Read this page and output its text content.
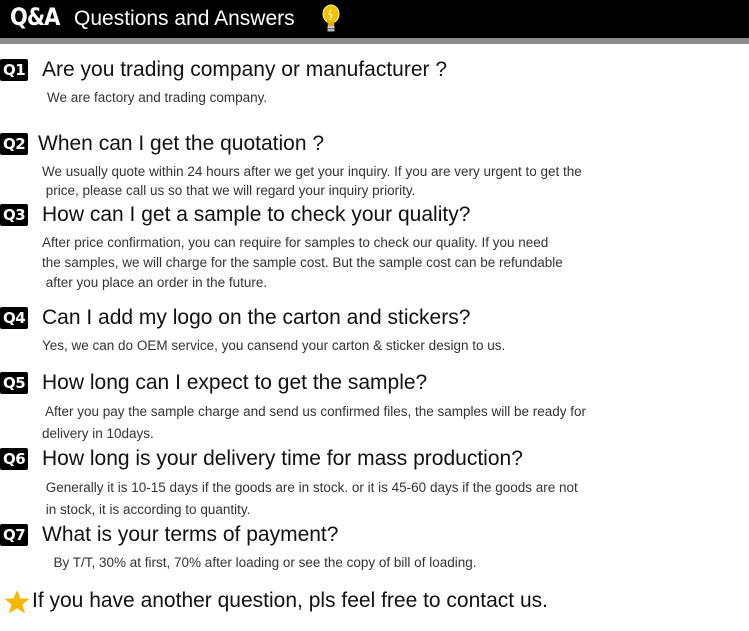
Q&A Questions and Answers
Q1 Are you trading company or manufacturer ?
We are factory and trading company.
Q2 When can I get the quotation ?
We usually quote within 24 hours after we get your inquiry. If you are very urgent to get the
price, please call us so that we will regard your inquiry priority.
Q3 How can I get a sample to check your quality?
After price confirmation, you can require for samples to check our quality. If you need
the samples, we will charge for the sample cost. But the sample cost can be refundable
after you place an order in the future.
Q4 Can I add my logo on the carton and stickers?
Yes, we can do OEM service, you cansend your carton & sticker design to us.
Q5 How long can I expect to get the sample?
After you pay the sample charge and send us confirmed files, the samples will be ready for
delivery in 10days.
Q6 How long is your delivery time for mass production?
Generally it is 10-15 days if the goods are in stock. or it is 45-60 days if the goods are not
in stock, it is according to quantity.
Q7 What is your terms of payment?
By T/T, 30% at first, 70% after loading or see the copy of bill of loading.
If you have another question, pls feel free to contact us.
